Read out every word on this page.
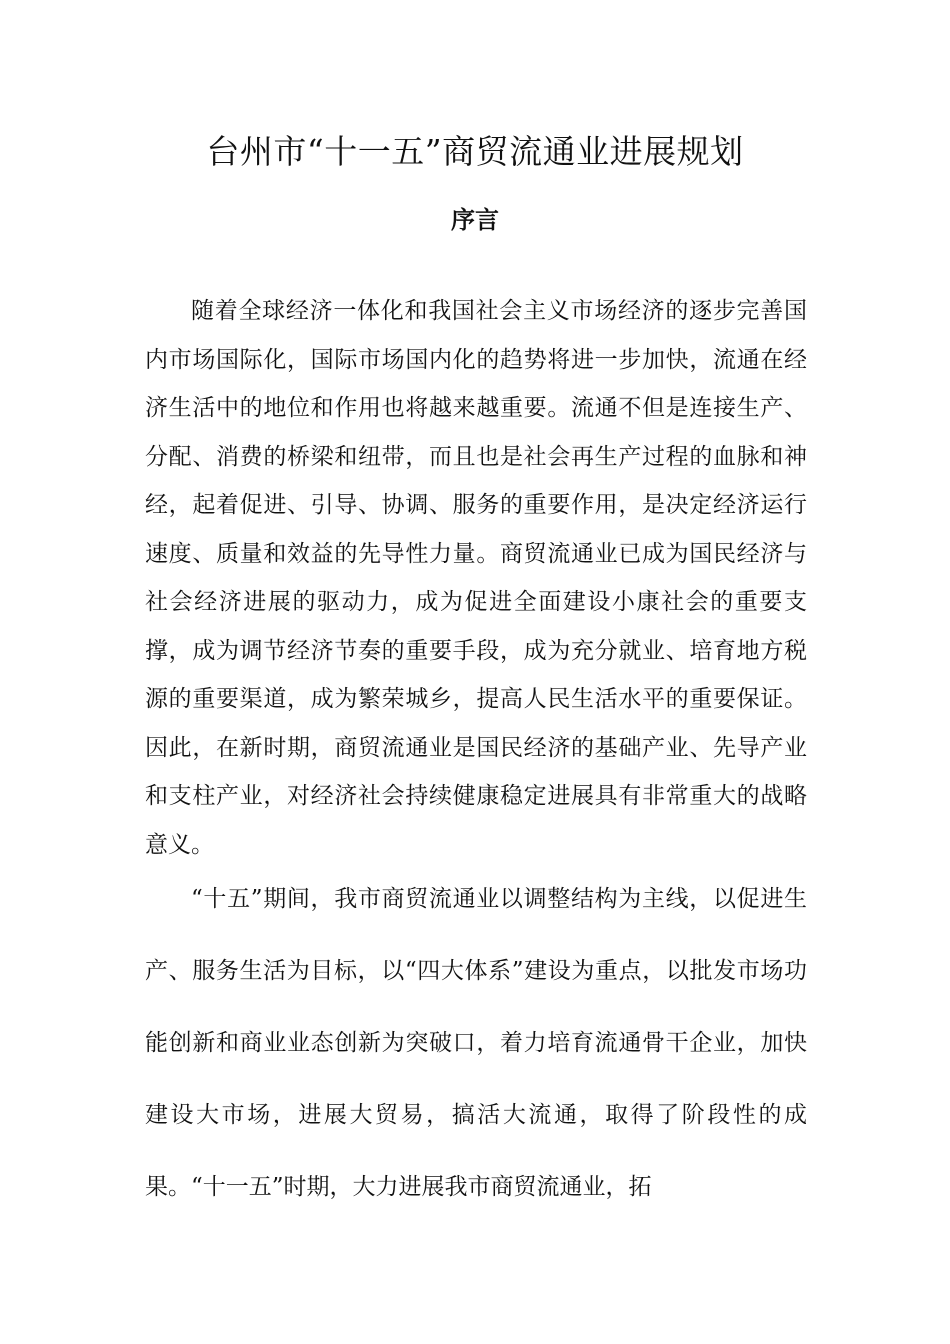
台州市“十一五”商贸流通业进展规划
序言

随着全球经济一体化和我国社会主义市场经济的逐步完善国内市场国际化，国际市场国内化的趋势将进一步加快，流通在经济生活中的地位和作用也将越来越重要。流通不但是连接生产、分配、消费的桥梁和纽带，而且也是社会再生产过程的血脉和神经，起着促进、引导、协调、服务的重要作用，是决定经济运行速度、质量和效益的先导性力量。商贸流通业已成为国民经济与社会经济进展的驱动力，成为促进全面建设小康社会的重要支撑，成为调节经济节奏的重要手段，成为充分就业、培育地方税源的重要渠道，成为繁荣城乡，提高人民生活水平的重要保证。因此，在新时期，商贸流通业是国民经济的基础产业、先导产业和支柱产业，对经济社会持续健康稳定进展具有非常重大的战略意义。

“十五”期间，我市商贸流通业以调整结构为主线，以促进生产、服务生活为目标，以“四大体系”建设为重点，以批发市场功能创新和商业业态创新为突破口，着力培育流通骨干企业，加快建设大市场，进展大贸易，搞活大流通，取得了阶段性的成果。“十一五”时期，大力进展我市商贸流通业，拓
